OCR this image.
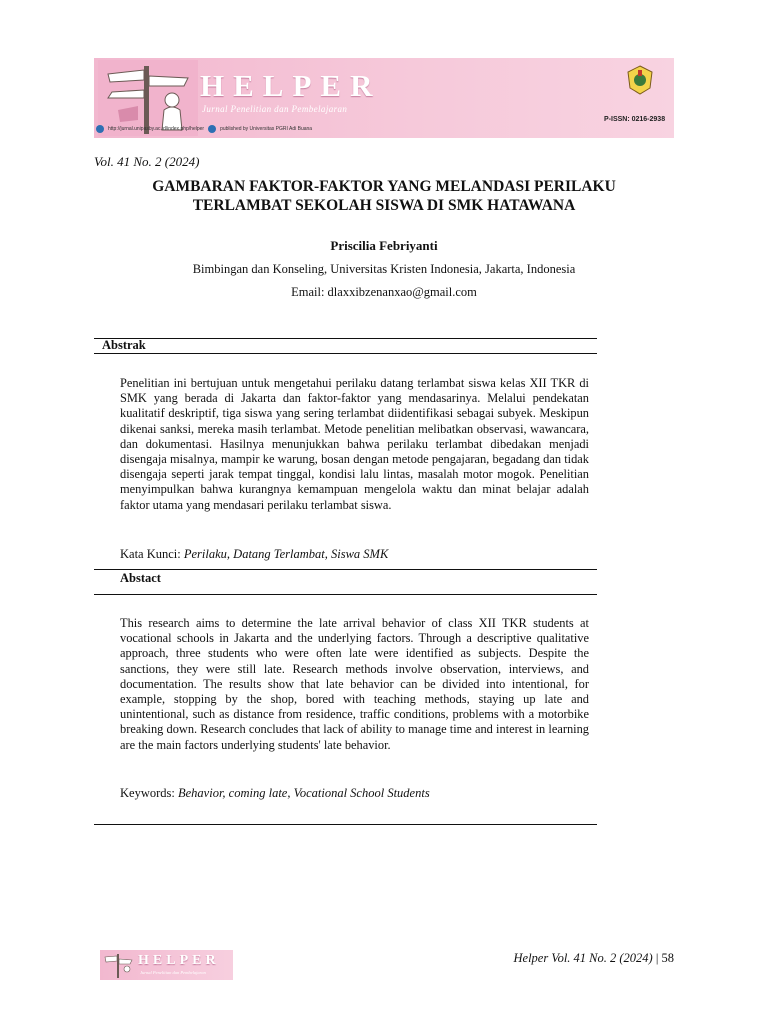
HELPER
Jurnal Penelitian dan Pembelajaran
http://jurnal.unipasby.ac.id/index.php/helper	published by Universitas PGRI Adi Buana
P-ISSN: 0216-2938
Vol. 41 No. 2 (2024)
GAMBARAN FAKTOR-FAKTOR YANG MELANDASI PERILAKU
TERLAMBAT SEKOLAH SISWA DI SMK HATAWANA
Priscilia Febriyanti
Bimbingan dan Konseling, Universitas Kristen Indonesia, Jakarta, Indonesia
Email: dlaxxibzenanxao@gmail.com
Abstrak
Penelitian ini bertujuan untuk mengetahui perilaku datang terlambat siswa kelas XII TKR di SMK yang berada di Jakarta dan faktor-faktor yang mendasarinya. Melalui pendekatan kualitatif deskriptif, tiga siswa yang sering terlambat diidentifikasi sebagai subyek. Meskipun dikenai sanksi, mereka masih terlambat. Metode penelitian melibatkan observasi, wawancara, dan dokumentasi. Hasilnya menunjukkan bahwa perilaku terlambat dibedakan menjadi disengaja misalnya, mampir ke warung, bosan dengan metode pengajaran, begadang dan tidak disengaja seperti jarak tempat tinggal, kondisi lalu lintas, masalah motor mogok. Penelitian menyimpulkan bahwa kurangnya kemampuan mengelola waktu dan minat belajar adalah faktor utama yang mendasari perilaku terlambat siswa.
Kata Kunci: Perilaku, Datang Terlambat, Siswa SMK
Abstact
This research aims to determine the late arrival behavior of class XII TKR students at vocational schools in Jakarta and the underlying factors. Through a descriptive qualitative approach, three students who were often late were identified as subjects. Despite the sanctions, they were still late. Research methods involve observation, interviews, and documentation. The results show that late behavior can be divided into intentional, for example, stopping by the shop, bored with teaching methods, staying up late and unintentional, such as distance from residence, traffic conditions, problems with a motorbike breaking down. Research concludes that lack of ability to manage time and interest in learning are the main factors underlying students' late behavior.
Keywords: Behavior, coming late, Vocational School Students
HELPER
Jurnal Penelitian dan Pembelajaran
Helper Vol. 41 No. 2 (2024) | 58
